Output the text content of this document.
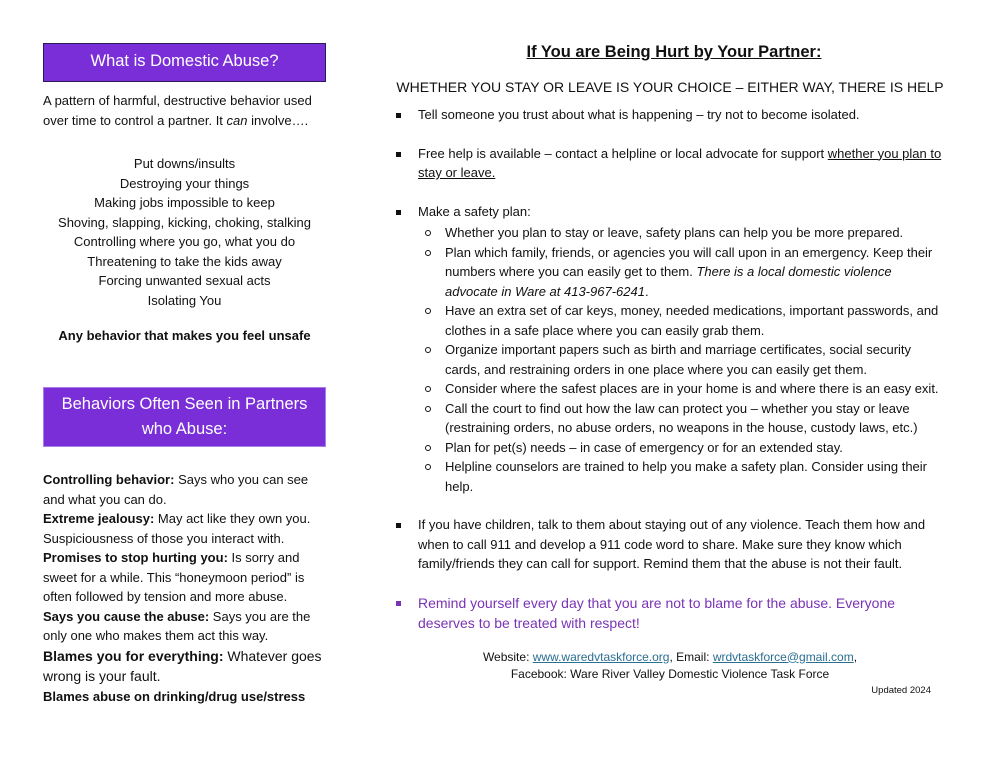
What is Domestic Abuse?
A pattern of harmful, destructive behavior used over time to control a partner. It can involve….
Put downs/insults
Destroying your things
Making jobs impossible to keep
Shoving, slapping, kicking, choking, stalking
Controlling where you go, what you do
Threatening to take the kids away
Forcing unwanted sexual acts
Isolating You
Any behavior that makes you feel unsafe
Behaviors Often Seen in Partners who Abuse:
Controlling behavior: Says who you can see and what you can do.
Extreme jealousy: May act like they own you. Suspiciousness of those you interact with.
Promises to stop hurting you: Is sorry and sweet for a while. This “honeymoon period” is often followed by tension and more abuse.
Says you cause the abuse: Says you are the only one who makes them act this way.
Blames you for everything: Whatever goes wrong is your fault.
Blames abuse on drinking/drug use/stress
If You are Being Hurt by Your Partner:
WHETHER YOU STAY OR LEAVE IS YOUR CHOICE – EITHER WAY, THERE IS HELP
Tell someone you trust about what is happening – try not to become isolated.
Free help is available – contact a helpline or local advocate for support whether you plan to stay or leave.
Make a safety plan:
Whether you plan to stay or leave, safety plans can help you be more prepared.
Plan which family, friends, or agencies you will call upon in an emergency. Keep their numbers where you can easily get to them. There is a local domestic violence advocate in Ware at 413-967-6241.
Have an extra set of car keys, money, needed medications, important passwords, and clothes in a safe place where you can easily grab them.
Organize important papers such as birth and marriage certificates, social security cards, and restraining orders in one place where you can easily get them.
Consider where the safest places are in your home is and where there is an easy exit.
Call the court to find out how the law can protect you – whether you stay or leave (restraining orders, no abuse orders, no weapons in the house, custody laws, etc.)
Plan for pet(s) needs – in case of emergency or for an extended stay.
Helpline counselors are trained to help you make a safety plan. Consider using their help.
If you have children, talk to them about staying out of any violence. Teach them how and when to call 911 and develop a 911 code word to share. Make sure they know which family/friends they can call for support. Remind them that the abuse is not their fault.
Remind yourself every day that you are not to blame for the abuse. Everyone deserves to be treated with respect!
Website: www.waredvtaskforce.org, Email: wrdvtaskforce@gmail.com,
Facebook: Ware River Valley Domestic Violence Task Force
Updated 2024
